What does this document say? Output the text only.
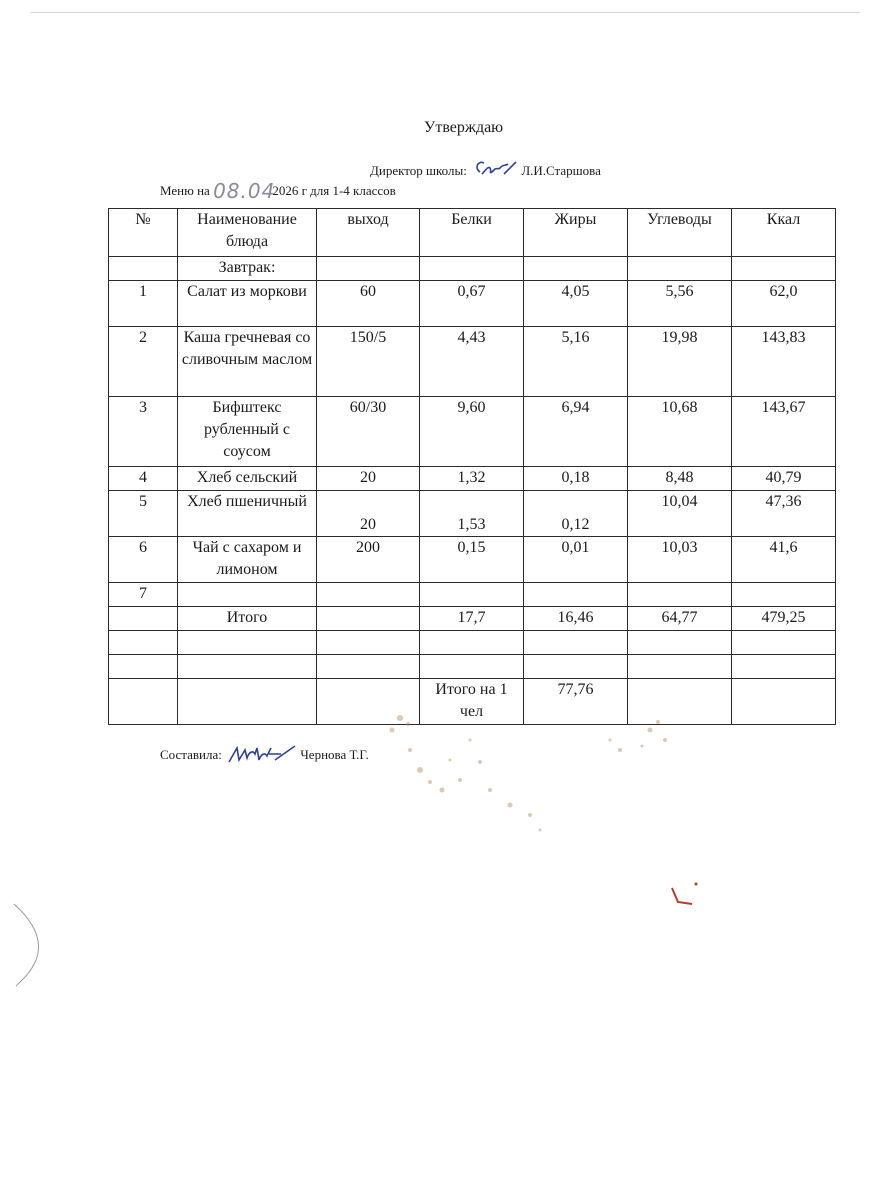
Утверждаю
Директор школы:	Л.И.Старшова
Меню на 08.04 2026 г для 1-4 классов
№	Наименование блюда	выход	Белки	Жиры	Углеводы	Ккал
	Завтрак:					
1	Салат из моркови	60	0,67	4,05	5,56	62,0
2	Каша гречневая со сливочным маслом	150/5	4,43	5,16	19,98	143,83
3	Бифштекс рубленный с соусом	60/30	9,60	6,94	10,68	143,67
4	Хлеб сельский	20	1,32	0,18	8,48	40,79
5	Хлеб пшеничный	20	1,53	0,12	10,04	47,36
6	Чай с сахаром и лимоном	200	0,15	0,01	10,03	41,6
7						
	Итого		17,7	16,46	64,77	479,25

			Итого на 1 чел	77,76		
Составила:	Чернова Т.Г.
